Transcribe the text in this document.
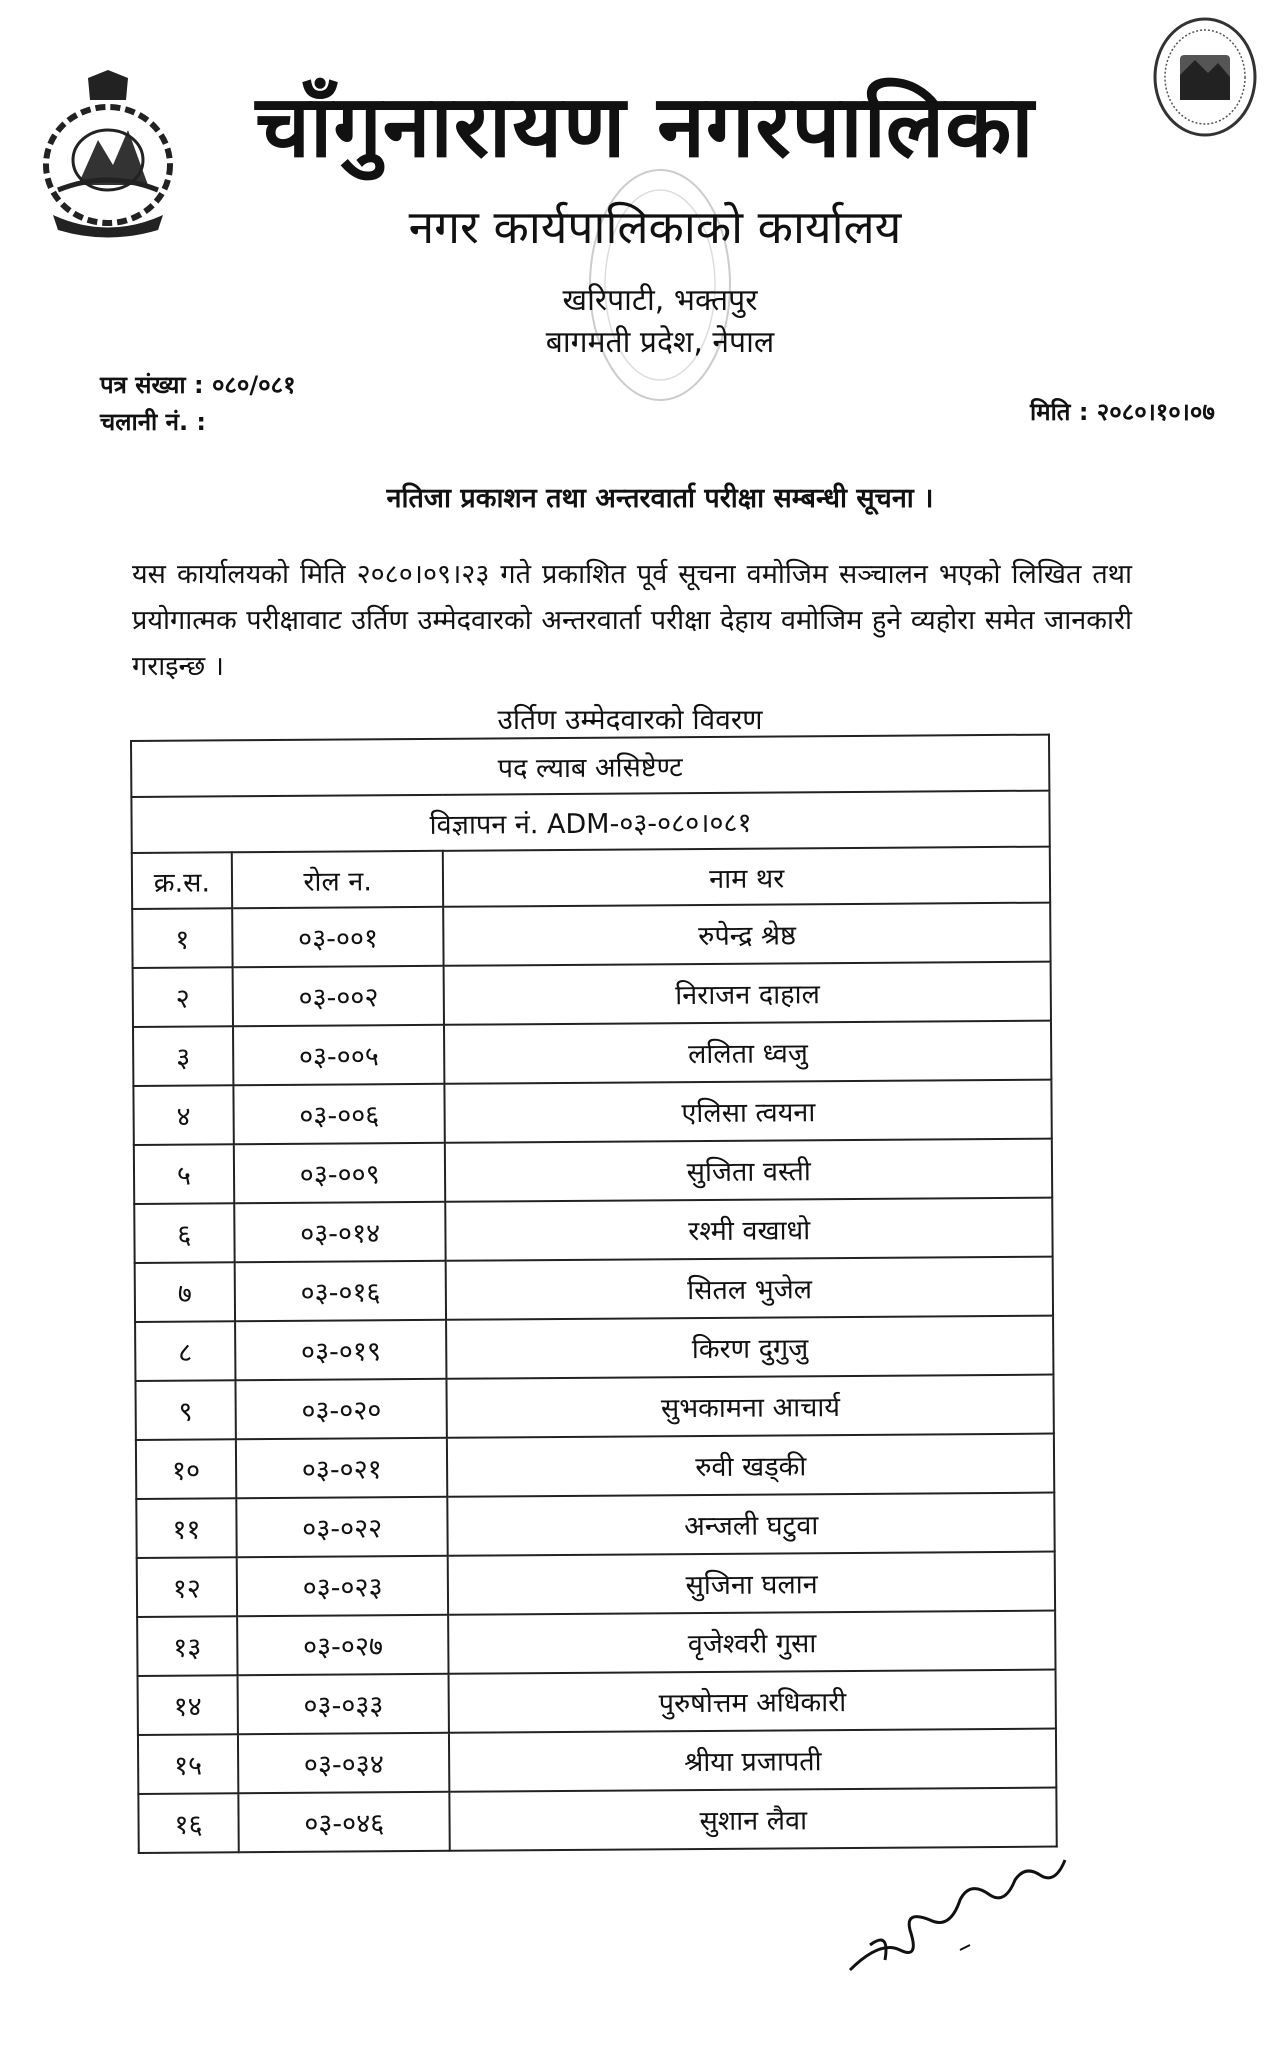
चाँगुनारायण नगरपालिका
नगर कार्यपालिकाको कार्यालय
खरिपाटी, भक्तपुर
बागमती प्रदेश, नेपाल
पत्र संख्या : ०८०/०८१
चलानी नं. :	मिति : २०८०।१०।०७
नतिजा प्रकाशन तथा अन्तरवार्ता परीक्षा सम्बन्धी सूचना ।
यस कार्यालयको मिति २०८०।०९।२३ गते प्रकाशित पूर्व सूचना वमोजिम सञ्चालन भएको लिखित तथा प्रयोगात्मक परीक्षावाट उर्तिण उम्मेदवारको अन्तरवार्ता परीक्षा देहाय वमोजिम हुने व्यहोरा समेत जानकारी गराइन्छ ।
उर्तिण उम्मेदवारको विवरण
पद ल्याब असिष्टेण्ट		
विज्ञापन नं. ADM-०३-०८०।०८१		
क्र.स.	रोल न.	नाम थर
१	०३-००१	रुपेन्द्र श्रेष्ठ
२	०३-००२	निराजन दाहाल
३	०३-००५	ललिता ध्वजु
४	०३-००६	एलिसा त्वयना
५	०३-००९	सुजिता वस्ती
६	०३-०१४	रश्मी वखाधो
७	०३-०१६	सितल भुजेल
८	०३-०१९	किरण दुगुजु
९	०३-०२०	सुभकामना आचार्य
१०	०३-०२१	रुवी खड्की
११	०३-०२२	अन्जली घटुवा
१२	०३-०२३	सुजिना घलान
१३	०३-०२७	वृजेश्वरी गुसा
१४	०३-०३३	पुरुषोत्तम अधिकारी
१५	०३-०३४	श्रीया प्रजापती
१६	०३-०४६	सुशान लैवा
